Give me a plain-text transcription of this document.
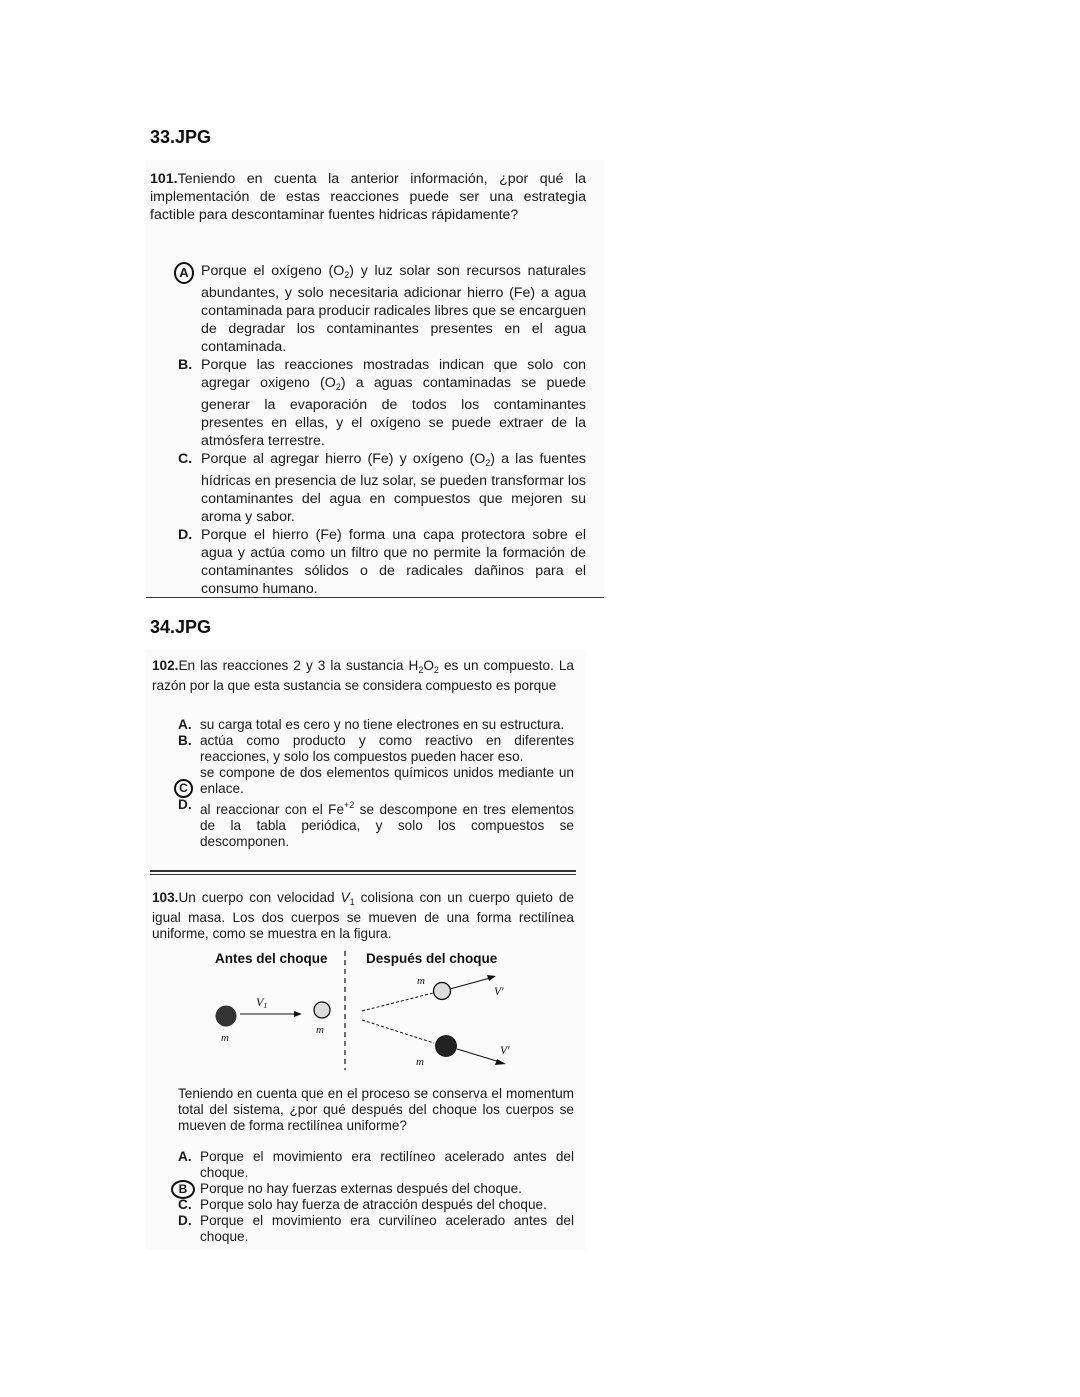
33.JPG
101.Teniendo en cuenta la anterior información, ¿por qué la implementación de estas reacciones puede ser una estrategia factible para descontaminar fuentes hidricas rápidamente?
A Porque el oxígeno $(O_2)$ y luz solar son recursos naturales abundantes, y solo necesitaria adicionar hierro (Fe) a agua contaminada para producir radicales libres que se encarguen de degradar los contaminantes presentes en el agua contaminada.
B. Porque las reacciones mostradas indican que solo con agregar oxigeno $(O_2)$ a aguas contaminadas se puede generar la evaporación de todos los contaminantes presentes en ellas, y el oxígeno se puede extraer de la atmósfera terrestre.
C. Porque al agregar hierro (Fe) y oxígeno $(O_2)$ a las fuentes hídricas en presencia de luz solar, se pueden transformar los contaminantes del agua en compuestos que mejoren su aroma y sabor.
D. Porque el hierro (Fe) forma una capa protectora sobre el agua y actúa como un filtro que no permite la formación de contaminantes sólidos o de radicales dañinos para el consumo humano.
34.JPG
102.En las reacciones 2 y 3 la sustancia $H_2O_2$ es un compuesto. La razón por la que esta sustancia se considera compuesto es porque
C
A. su carga total es cero y no tiene electrones en su estructura.
B. actúa como producto y como reactivo en diferentes reacciones, y solo los compuestos pueden hacer eso.
se compone de dos elementos químicos unidos mediante un enlace.
D. al reaccionar con el $Fe^{+2}$ se descompone en tres elementos de la tabla periódica, y solo los compuestos se descomponen.
103.Un cuerpo con velocidad $V_1$ colisiona con un cuerpo quieto de igual masa. Los dos cuerpos se mueven de una forma rectilínea uniforme, como se muestra en la figura.
Antes del choque	Después del choque
m
V1
m
m
V'
m
V'
Teniendo en cuenta que en el proceso se conserva el momentum total del sistema, ¿por qué después del choque los cuerpos se mueven de forma rectilínea uniforme?
B
A. Porque el movimiento era rectilíneo acelerado antes del choque.
Porque no hay fuerzas externas después del choque.
C. Porque solo hay fuerza de atracción después del choque.
D. Porque el movimiento era curvilíneo acelerado antes del choque.
